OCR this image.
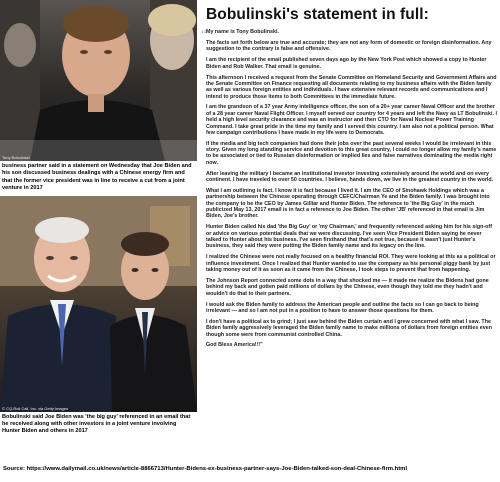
Tony Bobulinski
business partner said in a statement on Wednesday that Joe Biden and his son discussed business dealings with a Chinese energy firm and that the former vice president was in line to receive a cut from a joint venture in 2017
© CQ-Roll Call, Inc. via Getty Images
Bobulinski said Joe Biden was 'the big guy' referenced in an email that he received along with other investors in a joint venture involving Hunter Biden and others in 2017
Bobulinski's statement in full:
“ My name is Tony Bobulinski.

The facts set forth below are true and accurate; they are not any form of domestic or foreign disinformation. Any suggestion to the contrary is false and offensive.

I am the recipient of the email published seven days ago by the New York Post which showed a copy to Hunter Biden and Rob Walker. That email is genuine.

This afternoon I received a request from the Senate Committee on Homeland Security and Government Affairs and the Senate Committee on Finance requesting all documents relating to my business affairs with the Biden family as well as various foreign entities and individuals. I have extensive relevant records and communications and I intend to produce those items to both Committees in the immediate future.

I am the grandson of a 37 year Army intelligence officer, the son of a 20+ year career Naval Officer and the brother of a 28 year career Naval Flight Officer. I myself served our country for 4 years and left the Navy as LT Bobulinski. I held a high level security clearance and was an instructor and then CTO for Naval Nuclear Power Training Command. I take great pride in the time my family and I served this country. I am also not a political person. What few campaign contributions I have made in my life were to Democrats.

If the media and big tech companies had done their jobs over the past several weeks I would be irrelevant in this story. Given my long standing service and devotion to this great country, I could no longer allow my family's name to be associated or tied to Russian disinformation or implied lies and false narratives dominating the media right now.

After leaving the military I became an institutional investor investing extensively around the world and on every continent. I have traveled to over 50 countries. I believe, hands down, we live in the greatest country in the world.

What I am outlining is fact. I know it is fact because I lived it. I am the CEO of Sinohawk Holdings which was a partnership between the Chinese operating through CEFC/Chairman Ye and the Biden family. I was brought into the company to be the CEO by James Gilliar and Hunter Biden. The reference to 'the Big Guy' in the much publicized May 13, 2017 email is in fact a reference to Joe Biden. The other 'JB' referenced in that email is Jim Biden, Joe's brother.

Hunter Biden called his dad 'the Big Guy' or 'my Chairman,' and frequently referenced asking him for his sign-off or advice on various potential deals that we were discussing. I've seen Vice President Biden saying he never talked to Hunter about his business. I've seen firsthand that that's not true, because it wasn't just Hunter's business, they said they were putting the Biden family name and its legacy on the line.

I realized the Chinese were not really focused on a healthy financial ROI. They were looking at this as a political or influence investment. Once I realized that Hunter wanted to use the company as his personal piggy bank by just taking money out of it as soon as it came from the Chinese, I took steps to prevent that from happening.

The Johnson Report connected some dots in a way that shocked me — it made me realize the Bidens had gone behind my back and gotten paid millions of dollars by the Chinese, even though they told me they hadn't and wouldn't do that to their partners.

I would ask the Biden family to address the American people and outline the facts so I can go back to being irrelevant — and so I am not put in a position to have to answer those questions for them.

I don't have a political ax to grind; I just saw behind the Biden curtain and I grew concerned with what I saw. The Biden family aggressively leveraged the Biden family name to make millions of dollars from foreign entities even though some were from communist controlled China.

God Bless America!!!”

Source: https://www.dailymail.co.uk/news/article-8866713/Hunter-Bidens-ex-business-partner-says-Joe-Biden-talked-son-deal-Chinese-firm.html
